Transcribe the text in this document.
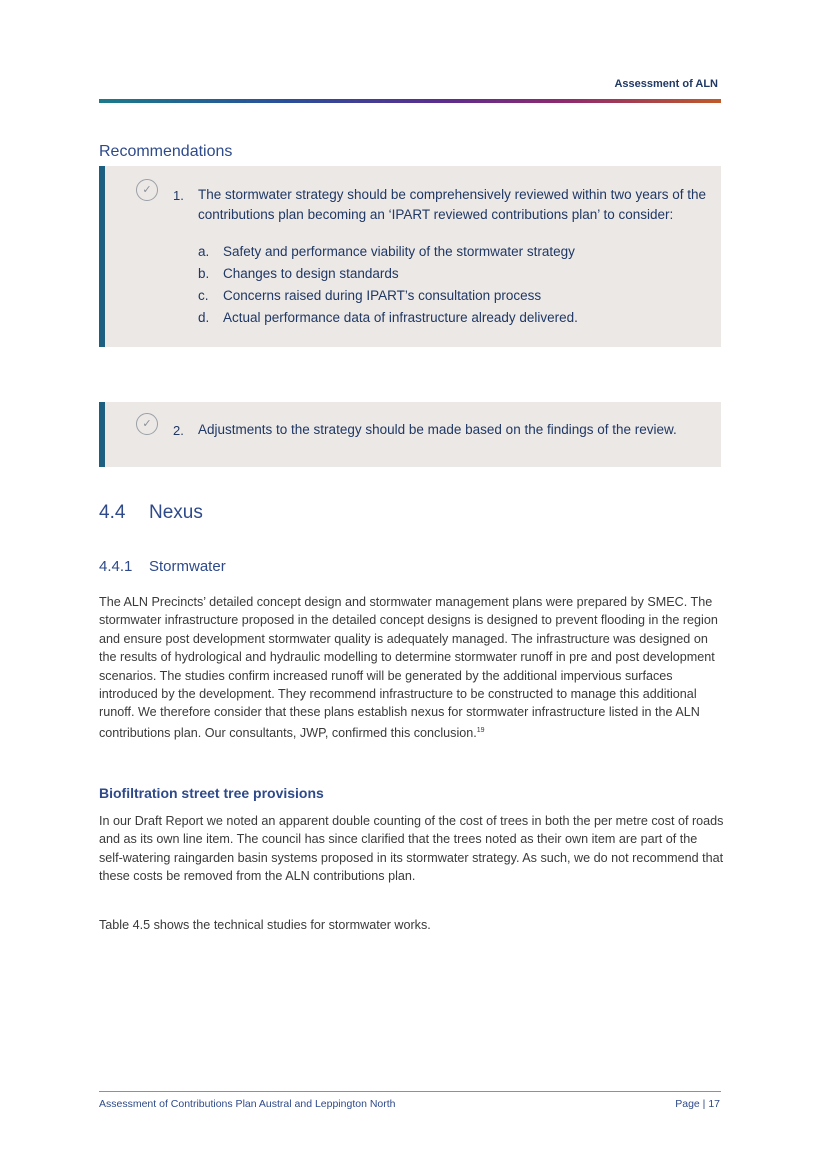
Assessment of ALN
Recommendations
✓	1. The stormwater strategy should be comprehensively reviewed within two years of the contributions plan becoming an ‘IPART reviewed contributions plan’ to consider:
a. Safety and performance viability of the stormwater strategy
b. Changes to design standards
c. Concerns raised during IPART’s consultation process
d. Actual performance data of infrastructure already delivered.
✓	2. Adjustments to the strategy should be made based on the findings of the review.
4.4 Nexus
4.4.1 Stormwater
The ALN Precincts’ detailed concept design and stormwater management plans were prepared by SMEC. The stormwater infrastructure proposed in the detailed concept designs is designed to prevent flooding in the region and ensure post development stormwater quality is adequately managed. The infrastructure was designed on the results of hydrological and hydraulic modelling to determine stormwater runoff in pre and post development scenarios. The studies confirm increased runoff will be generated by the additional impervious surfaces introduced by the development. They recommend infrastructure to be constructed to manage this additional runoff. We therefore consider that these plans establish nexus for stormwater infrastructure listed in the ALN contributions plan. Our consultants, JWP, confirmed this conclusion.$^{19}$
Biofiltration street tree provisions
In our Draft Report we noted an apparent double counting of the cost of trees in both the per metre cost of roads and as its own line item. The council has since clarified that the trees noted as their own item are part of the self-watering raingarden basin systems proposed in its stormwater strategy. As such, we do not recommend that these costs be removed from the ALN contributions plan.
Table 4.5 shows the technical studies for stormwater works.
Assessment of Contributions Plan Austral and Leppington North	Page | 17
